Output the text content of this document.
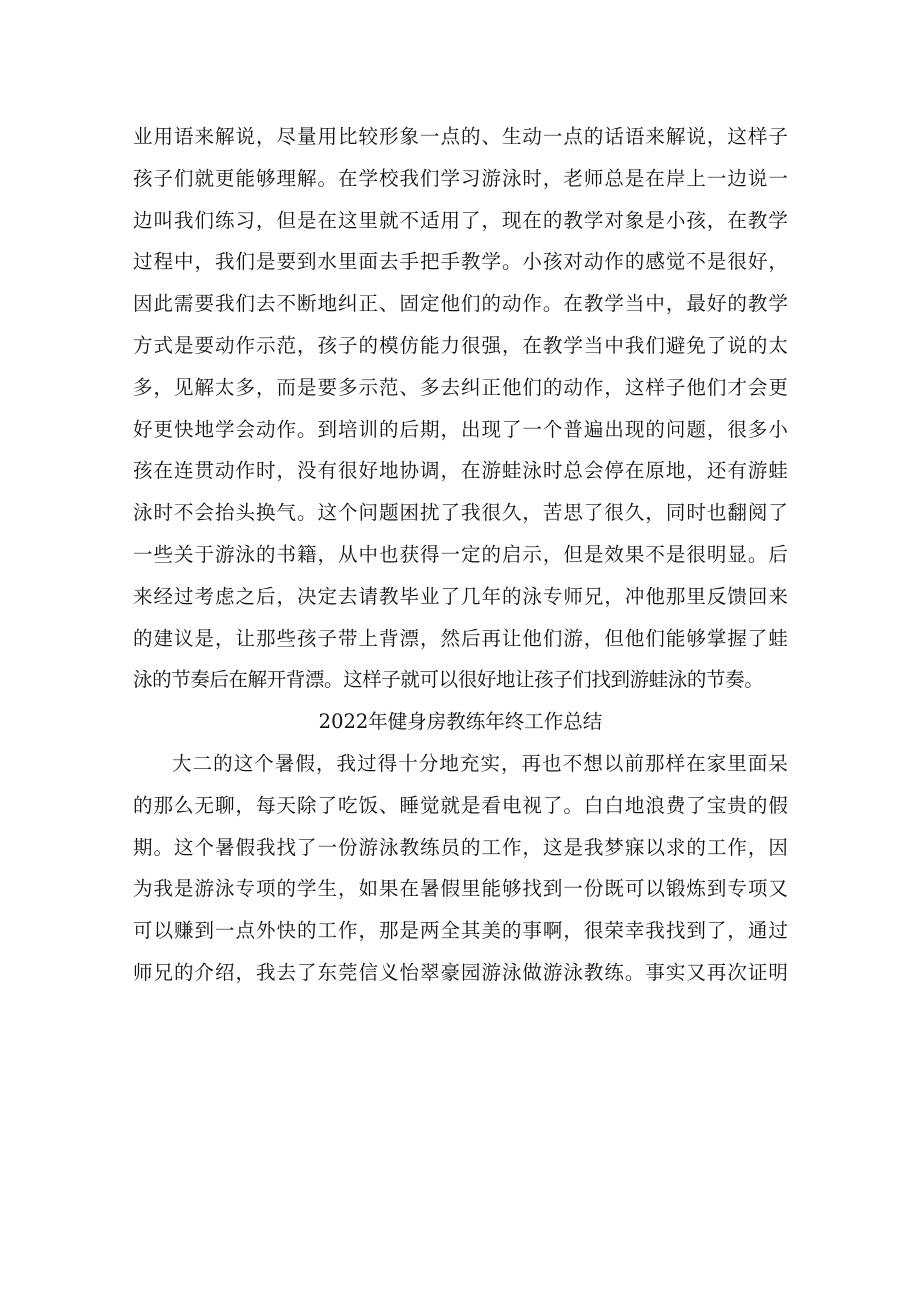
业用语来解说，尽量用比较形象一点的、生动一点的话语来解说，这样子
孩子们就更能够理解。在学校我们学习游泳时，老师总是在岸上一边说一
边叫我们练习，但是在这里就不适用了，现在的教学对象是小孩，在教学
过程中，我们是要到水里面去手把手教学。小孩对动作的感觉不是很好，
因此需要我们去不断地纠正、固定他们的动作。在教学当中，最好的教学
方式是要动作示范，孩子的模仿能力很强，在教学当中我们避免了说的太
多，见解太多，而是要多示范、多去纠正他们的动作，这样子他们才会更
好更快地学会动作。到培训的后期，出现了一个普遍出现的问题，很多小
孩在连贯动作时，没有很好地协调，在游蛙泳时总会停在原地，还有游蛙
泳时不会抬头换气。这个问题困扰了我很久，苦思了很久，同时也翻阅了
一些关于游泳的书籍，从中也获得一定的启示，但是效果不是很明显。后
来经过考虑之后，决定去请教毕业了几年的泳专师兄，冲他那里反馈回来
的建议是，让那些孩子带上背漂，然后再让他们游，但他们能够掌握了蛙
泳的节奏后在解开背漂。这样子就可以很好地让孩子们找到游蛙泳的节奏。
2022年健身房教练年终工作总结
大二的这个暑假，我过得十分地充实，再也不想以前那样在家里面呆
的那么无聊，每天除了吃饭、睡觉就是看电视了。白白地浪费了宝贵的假
期。这个暑假我找了一份游泳教练员的工作，这是我梦寐以求的工作，因
为我是游泳专项的学生，如果在暑假里能够找到一份既可以锻炼到专项又
可以赚到一点外快的工作，那是两全其美的事啊，很荣幸我找到了，通过
师兄的介绍，我去了东莞信义怡翠豪园游泳做游泳教练。事实又再次证明
